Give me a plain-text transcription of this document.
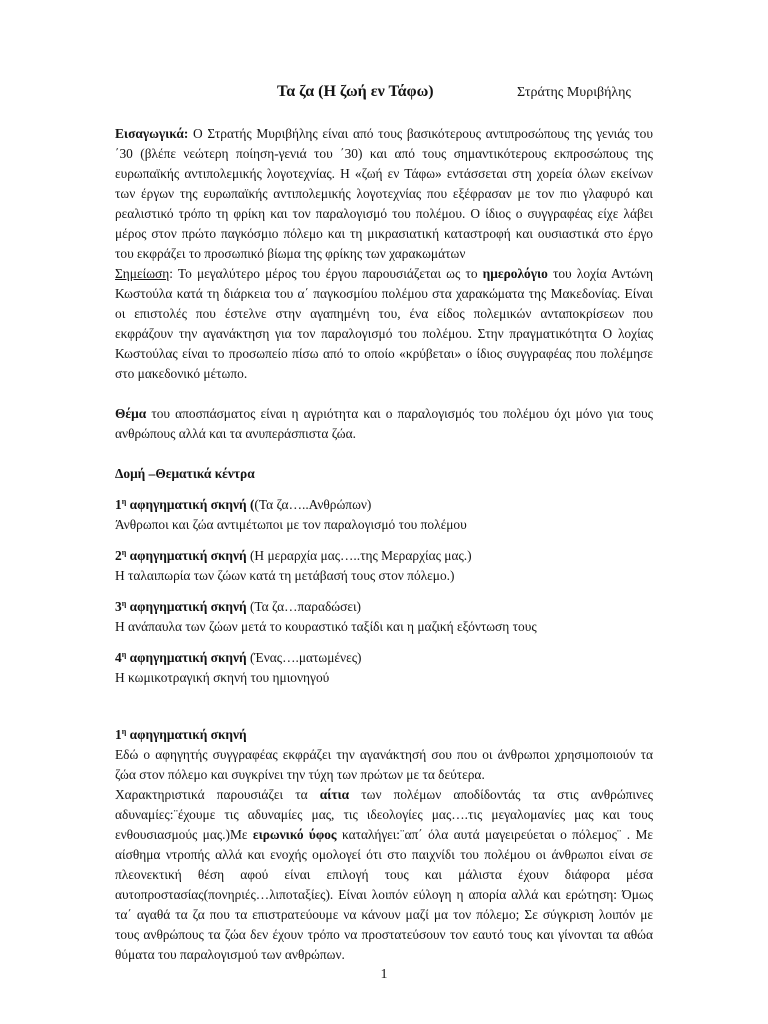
Τα ζα (Η ζωή εν Τάφω)	Στράτης Μυριβήλης

Εισαγωγικά: Ο Στρατής Μυριβήλης είναι από τους βασικότερους αντιπροσώπους της γενιάς του ΄30 (βλέπε νεώτερη ποίηση-γενιά του ΄30) και από τους σημαντικότερους εκπροσώπους της ευρωπαϊκής αντιπολεμικής λογοτεχνίας. Η «ζωή εν Τάφω» εντάσσεται στη χορεία όλων εκείνων των έργων της ευρωπαϊκής αντιπολεμικής λογοτεχνίας που εξέφρασαν με τον πιο γλαφυρό και ρεαλιστικό τρόπο τη φρίκη και τον παραλογισμό του πολέμου. Ο ίδιος ο συγγραφέας είχε λάβει μέρος στον πρώτο παγκόσμιο πόλεμο και τη μικρασιατική καταστροφή και ουσιαστικά στο έργο του εκφράζει το προσωπικό βίωμα της φρίκης των χαρακωμάτων

Σημείωση: Το μεγαλύτερο μέρος του έργου παρουσιάζεται ως το ημερολόγιο του λοχία Αντώνη Κωστούλα κατά τη διάρκεια του α΄ παγκοσμίου πολέμου στα χαρακώματα της Μακεδονίας. Είναι οι επιστολές που έστελνε στην αγαπημένη του, ένα είδος πολεμικών ανταποκρίσεων που εκφράζουν την αγανάκτηση για τον παραλογισμό του πολέμου. Στην πραγματικότητα Ο λοχίας Κωστούλας είναι το προσωπείο πίσω από το οποίο «κρύβεται» ο ίδιος συγγραφέας που πολέμησε στο μακεδονικό μέτωπο.

Θέμα του αποσπάσματος είναι η αγριότητα και ο παραλογισμός του πολέμου όχι μόνο για τους ανθρώπους αλλά και τα ανυπεράσπιστα ζώα.

Δομή –Θεματικά κέντρα

$1^\eta$ αφηγηματική σκηνή ((Τα ζα…..Ανθρώπων)

Άνθρωποι και ζώα αντιμέτωποι με τον παραλογισμό του πολέμου

$2^\eta$ αφηγηματική σκηνή (Η μεραρχία μας…..της Μεραρχίας μας.)

Η ταλαιπωρία των ζώων κατά τη μετάβασή τους στον πόλεμο.)

$3^\eta$ αφηγηματική σκηνή (Τα ζα…παραδώσει)

Η ανάπαυλα των ζώων μετά το κουραστικό ταξίδι και η μαζική εξόντωση τους

$4^\eta$ αφηγηματική σκηνή (Ένας….ματωμένες)

Η κωμικοτραγική σκηνή του ημιονηγού

$1^\eta$ αφηγηματική σκηνή

Εδώ ο αφηγητής συγγραφέας εκφράζει την αγανάκτησή σου που οι άνθρωποι χρησιμοποιούν τα ζώα στον πόλεμο και συγκρίνει την τύχη των πρώτων με τα δεύτερα.

Χαρακτηριστικά παρουσιάζει τα αίτια των πολέμων αποδίδοντάς τα στις ανθρώπινες αδυναμίες:¨έχουμε τις αδυναμίες μας, τις ιδεολογίες μας….τις μεγαλομανίες μας και τους ενθουσιασμούς μας.)Με ειρωνικό ύφος καταλήγει:¨απ΄ όλα αυτά μαγειρεύεται ο πόλεμος¨ . Με αίσθημα ντροπής αλλά και ενοχής ομολογεί ότι στο παιχνίδι του πολέμου οι άνθρωποι είναι σε πλεονεκτική θέση αφού είναι επιλογή τους και μάλιστα έχουν διάφορα μέσα αυτοπροστασίας(πονηριές…λιποταξίες). Είναι λοιπόν εύλογη η απορία αλλά και ερώτηση: Όμως τα΄ αγαθά τα ζα που τα επιστρατεύουμε να κάνουν μαζί μα τον πόλεμο; Σε σύγκριση λοιπόν με τους ανθρώπους τα ζώα δεν έχουν τρόπο να προστατεύσουν τον εαυτό τους και γίνονται τα αθώα θύματα του παραλογισμού των ανθρώπων.

1
